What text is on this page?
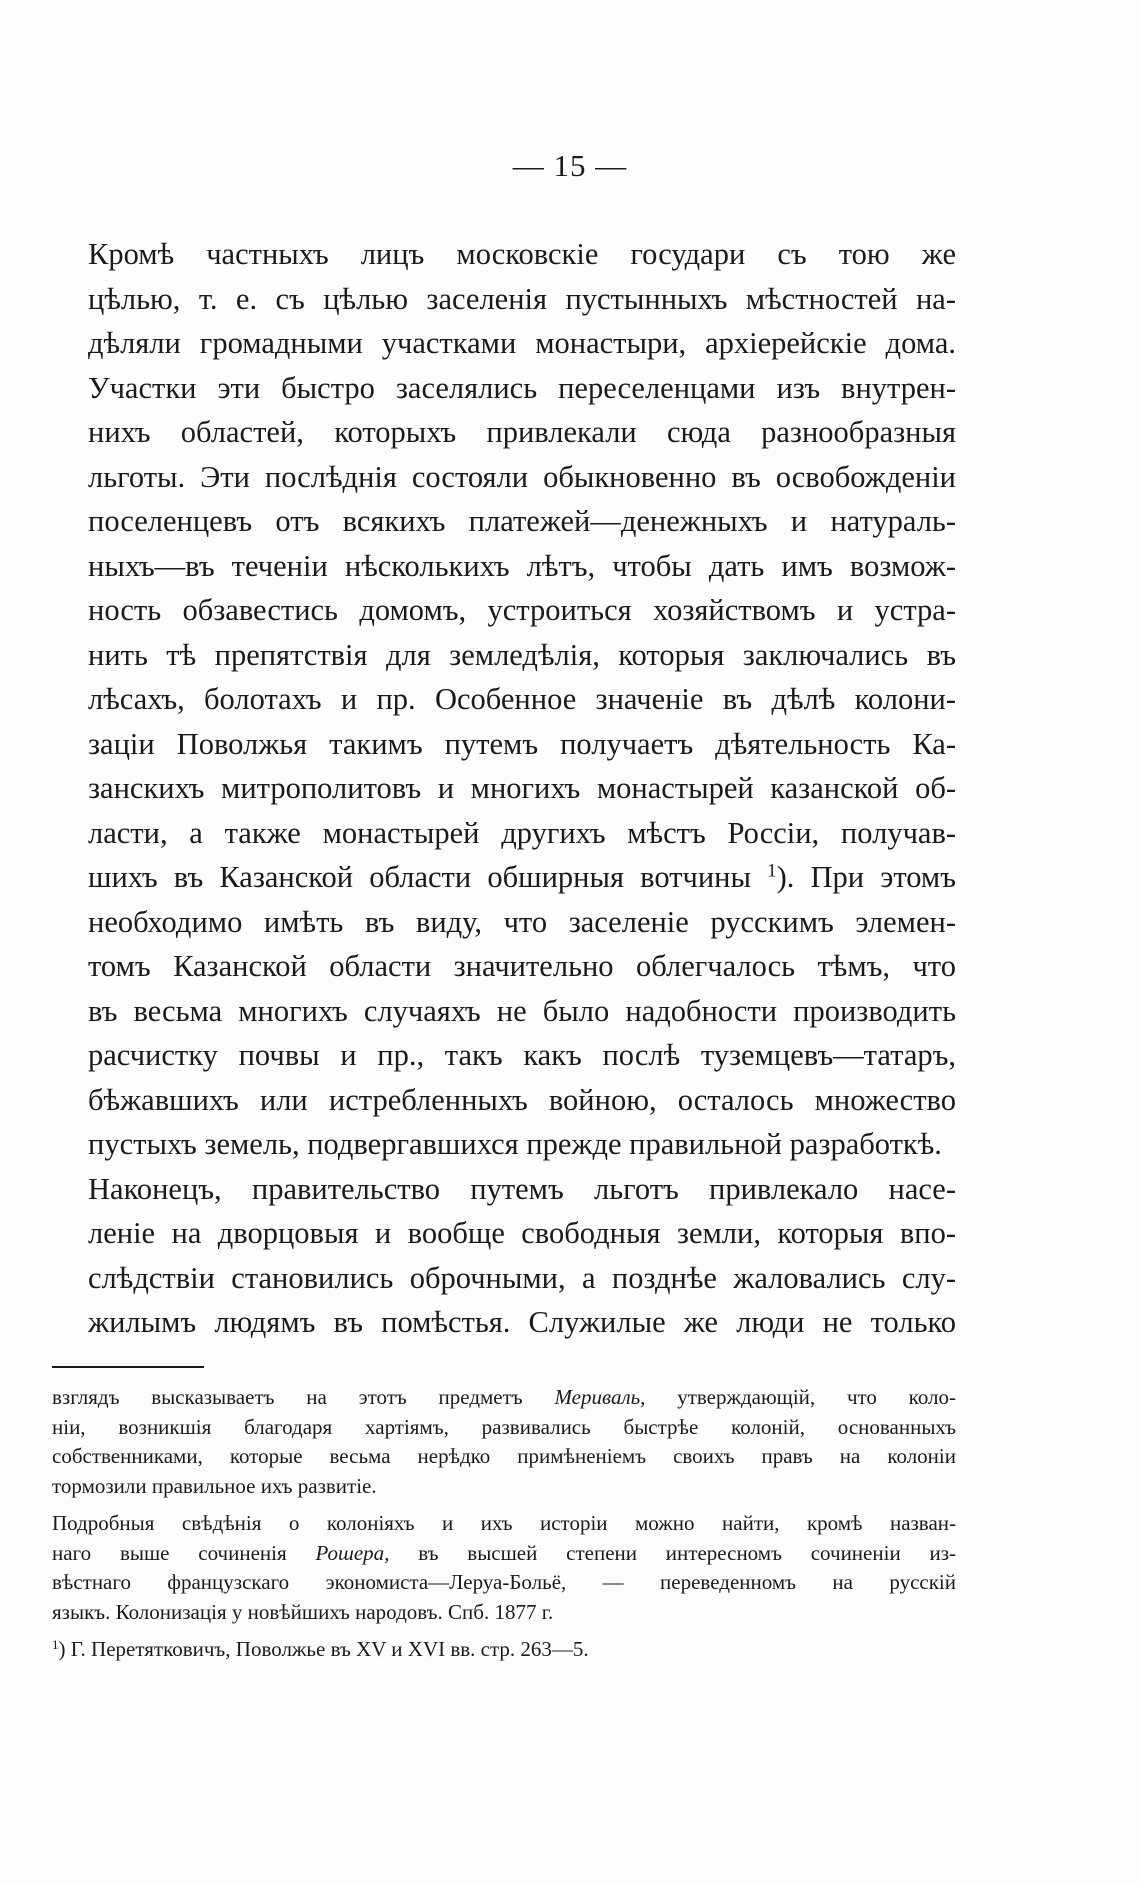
— 15 —
Кромѣ частныхъ лицъ московскіе государи съ тою же
цѣлью, т. е. съ цѣлью заселенія пустынныхъ мѣстностей на-
дѣляли громадными участками монастыри, архіерейскіе дома.
Участки эти быстро заселялись переселенцами изъ внутрен-
нихъ областей, которыхъ привлекали сюда разнообразныя
льготы. Эти послѣднія состояли обыкновенно въ освобожденіи
поселенцевъ отъ всякихъ платежей—денежныхъ и натураль-
ныхъ—въ теченіи нѣсколькихъ лѣтъ, чтобы дать имъ возмож-
ность обзавестись домомъ, устроиться хозяйствомъ и устра-
нить тѣ препятствія для земледѣлія, которыя заключались въ
лѣсахъ, болотахъ и пр. Особенное значеніе въ дѣлѣ колони-
заціи Поволжья такимъ путемъ получаетъ дѣятельность Ка-
занскихъ митрополитовъ и многихъ монастырей казанской об-
ласти, а также монастырей другихъ мѣстъ Россіи, получав-
шихъ въ Казанской области обширныя вотчины $^1$). При этомъ
необходимо имѣть въ виду, что заселеніе русскимъ элемен-
томъ Казанской области значительно облегчалось тѣмъ, что
въ весьма многихъ случаяхъ не было надобности производить
расчистку почвы и пр., такъ какъ послѣ туземцевъ—татаръ,
бѣжавшихъ или истребленныхъ войною, осталось множество
пустыхъ земель, подвергавшихся прежде правильной разработкѣ.
Наконецъ, правительство путемъ льготъ привлекало насе-
леніе на дворцовыя и вообще свободныя земли, которыя впо-
слѣдствіи становились оброчными, а позднѣе жаловались слу-
жилымъ людямъ въ помѣстья. Служилые же люди не только
взглядъ высказываетъ на этотъ предметъ Мериваль, утверждающій, что коло-
ніи, возникшія благодаря хартіямъ, развивались быстрѣе колоній, основанныхъ
собственниками, которые весьма нерѣдко примѣненіемъ своихъ правъ на колоніи
тормозили правильное ихъ развитіе.
Подробныя свѣдѣнія о колоніяхъ и ихъ исторіи можно найти, кромѣ назван-
наго выше сочиненія Рошера, въ высшей степени интересномъ сочиненіи из-
вѣстнаго французскаго экономиста—Леруа-Больё, — переведенномъ на русскій
языкъ. Колонизація у новѣйшихъ народовъ. Спб. 1877 г.
$^1$) Г. Перетятковичъ, Поволжье въ XV и XVI вв. стр. 263—5.
